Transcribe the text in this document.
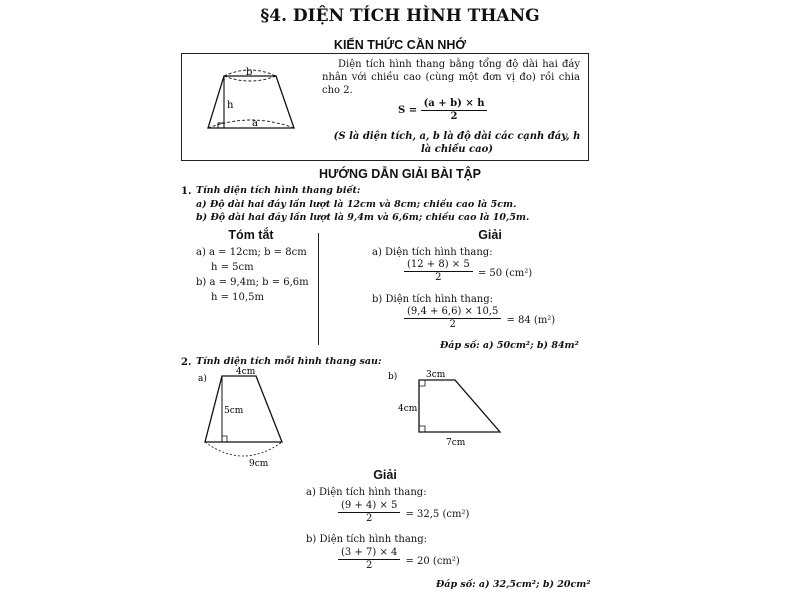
§4. DIỆN TÍCH HÌNH THANG
KIẾN THỨC CẦN NHỚ
b
h
a
Diện tích hình thang bằng tổng độ dài hai đáy nhân với chiều cao (cùng một đơn vị đo) rồi chia cho 2.
$S = \frac{(a + b) \times h}{2}$
(S là diện tích, a, b là độ dài các cạnh đáy, h là chiều cao)
HƯỚNG DẪN GIẢI BÀI TẬP
1. Tính diện tích hình thang biết:
a) Độ dài hai đáy lần lượt là 12cm và 8cm; chiều cao là 5cm.
b) Độ dài hai đáy lần lượt là 9,4m và 6,6m; chiều cao là 10,5m.
Tóm tắt
a) a = 12cm; b = 8cm
h = 5cm
b) a = 9,4m; b = 6,6m
h = 10,5m
Giải
a) Diện tích hình thang:
$\frac{(12 + 8) \times 5}{2} = 50$ (cm²)
b) Diện tích hình thang:
$\frac{(9,4 + 6,6) \times 10,5}{2} = 84$ (m²)
Đáp số: a) 50cm²; b) 84m²
2. Tính diện tích mỗi hình thang sau:
a)
4cm
5cm
9cm
b)	3cm
4cm
7cm
Giải
a) Diện tích hình thang:
$\frac{(9 + 4) \times 5}{2} = 32,5$ (cm²)
b) Diện tích hình thang:
$\frac{(3 + 7) \times 4}{2} = 20$ (cm²)
Đáp số: a) 32,5cm²; b) 20cm²
